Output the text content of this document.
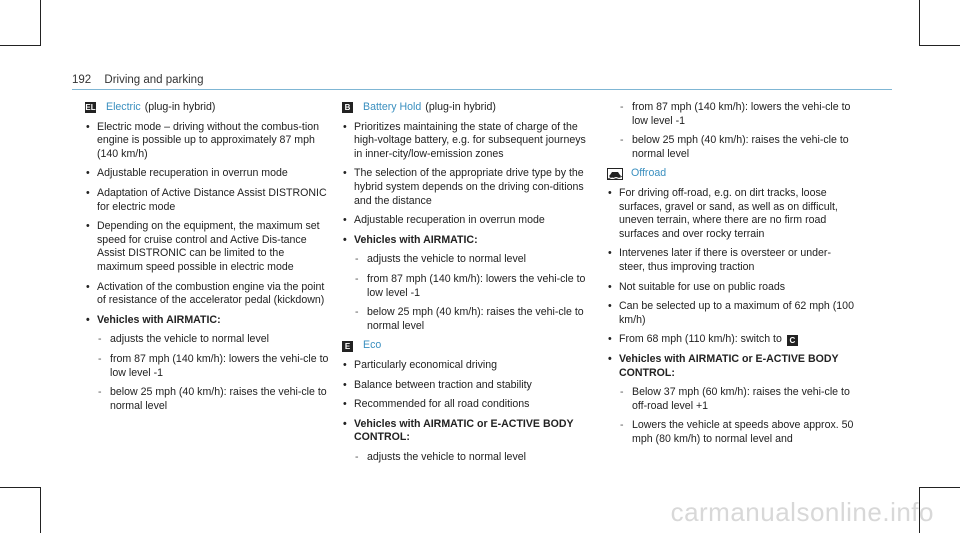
192 Driving and parking
EL Electric (plug-in hybrid)
• Electric mode – driving without the combus-tion engine is possible up to approximately 87 mph (140 km/h)
• Adjustable recuperation in overrun mode
• Adaptation of Active Distance Assist DISTRONIC for electric mode
• Depending on the equipment, the maximum set speed for cruise control and Active Dis-tance Assist DISTRONIC can be limited to the maximum speed possible in electric mode
• Activation of the combustion engine via the point of resistance of the accelerator pedal (kickdown)
• Vehicles with AIRMATIC:
- adjusts the vehicle to normal level
- from 87 mph (140 km/h): lowers the vehi-cle to low level -1
- below 25 mph (40 km/h): raises the vehi-cle to normal level
B Battery Hold (plug-in hybrid)
• Prioritizes maintaining the state of charge of the high-voltage battery, e.g. for subsequent journeys in inner-city/low-emission zones
• The selection of the appropriate drive type by the hybrid system depends on the driving con-ditions and the distance
• Adjustable recuperation in overrun mode
• Vehicles with AIRMATIC:
- adjusts the vehicle to normal level
- from 87 mph (140 km/h): lowers the vehi-cle to low level -1
- below 25 mph (40 km/h): raises the vehi-cle to normal level
E Eco
• Particularly economical driving
• Balance between traction and stability
• Recommended for all road conditions
• Vehicles with AIRMATIC or E-ACTIVE BODY CONTROL:
- adjusts the vehicle to normal level
- from 87 mph (140 km/h): lowers the vehi-cle to low level -1
- below 25 mph (40 km/h): raises the vehi-cle to normal level
Offroad
• For driving off-road, e.g. on dirt tracks, loose surfaces, gravel or sand, as well as on difficult, uneven terrain, where there are no firm road surfaces and over rocky terrain
• Intervenes later if there is oversteer or under-steer, thus improving traction
• Not suitable for use on public roads
• Can be selected up to a maximum of 62 mph (100 km/h)
• From 68 mph (110 km/h): switch to C
• Vehicles with AIRMATIC or E-ACTIVE BODY CONTROL:
- Below 37 mph (60 km/h): raises the vehi-cle to off-road level +1
- Lowers the vehicle at speeds above approx. 50 mph (80 km/h) to normal level and
carmanualsonline.info
